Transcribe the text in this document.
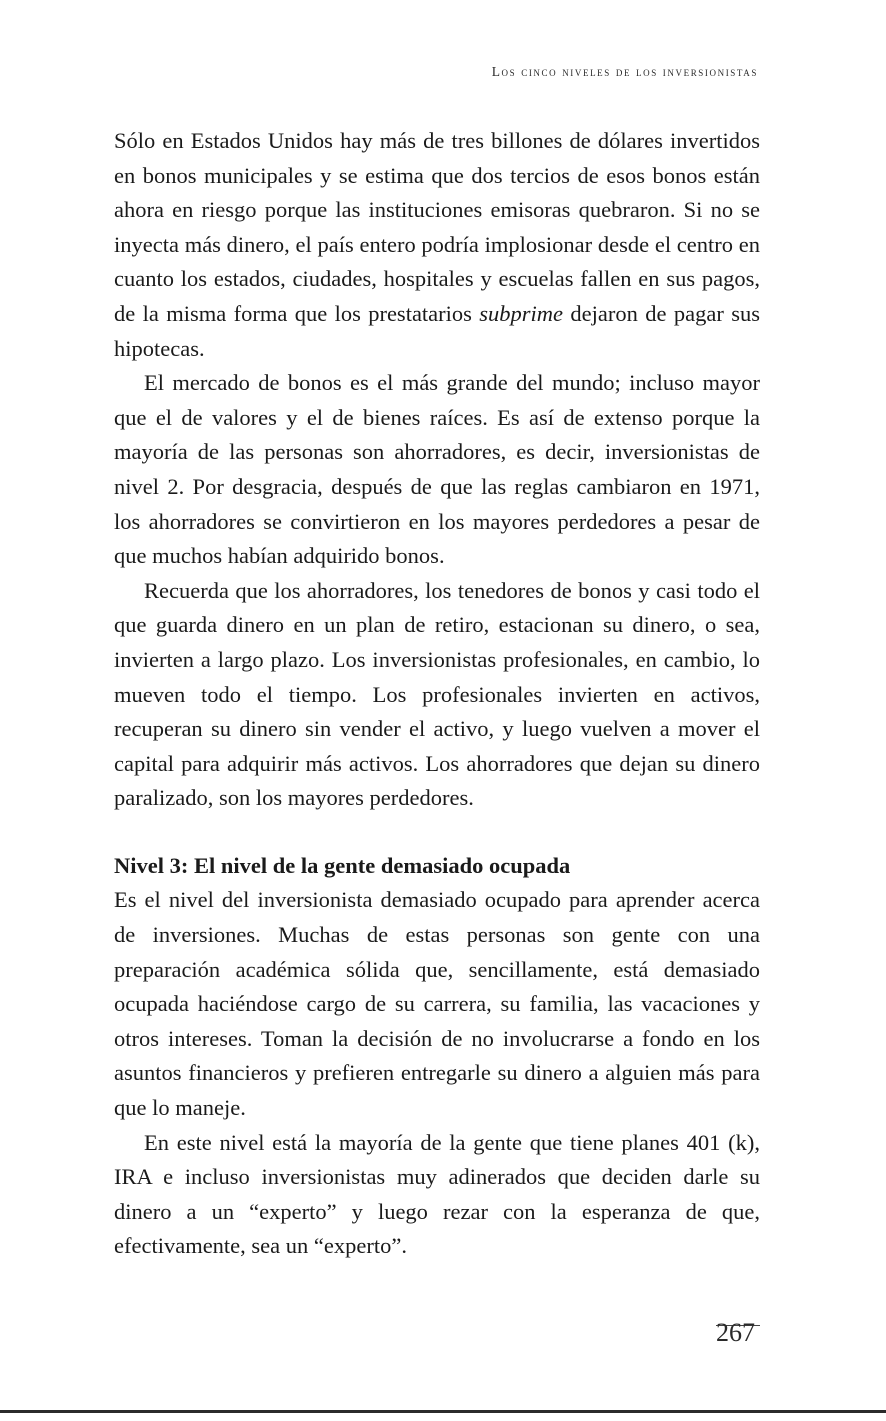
Los cinco niveles de los inversionistas

Sólo en Estados Unidos hay más de tres billones de dólares invertidos en bonos municipales y se estima que dos tercios de esos bonos están ahora en riesgo porque las instituciones emisoras quebraron. Si no se inyecta más dinero, el país entero podría implosionar desde el centro en cuanto los estados, ciudades, hospitales y escuelas fallen en sus pagos, de la misma forma que los prestatarios subprime dejaron de pagar sus hipotecas.

El mercado de bonos es el más grande del mundo; incluso mayor que el de valores y el de bienes raíces. Es así de extenso porque la mayoría de las personas son ahorradores, es decir, inversionistas de nivel 2. Por desgracia, después de que las reglas cambiaron en 1971, los ahorradores se convirtieron en los mayores perdedores a pesar de que muchos habían adquirido bonos.

Recuerda que los ahorradores, los tenedores de bonos y casi todo el que guarda dinero en un plan de retiro, estacionan su dinero, o sea, invierten a largo plazo. Los inversionistas profesionales, en cambio, lo mueven todo el tiempo. Los profesionales invierten en activos, recuperan su dinero sin vender el activo, y luego vuelven a mover el capital para adquirir más activos. Los ahorradores que dejan su dinero paralizado, son los mayores perdedores.

Nivel 3: El nivel de la gente demasiado ocupada

Es el nivel del inversionista demasiado ocupado para aprender acerca de inversiones. Muchas de estas personas son gente con una preparación académica sólida que, sencillamente, está demasiado ocupada haciéndose cargo de su carrera, su familia, las vacaciones y otros intereses. Toman la decisión de no involucrarse a fondo en los asuntos financieros y prefieren entregarle su dinero a alguien más para que lo maneje.

En este nivel está la mayoría de la gente que tiene planes 401 (k), IRA e incluso inversionistas muy adinerados que deciden darle su dinero a un “experto” y luego rezar con la esperanza de que, efectivamente, sea un “experto”.

267
